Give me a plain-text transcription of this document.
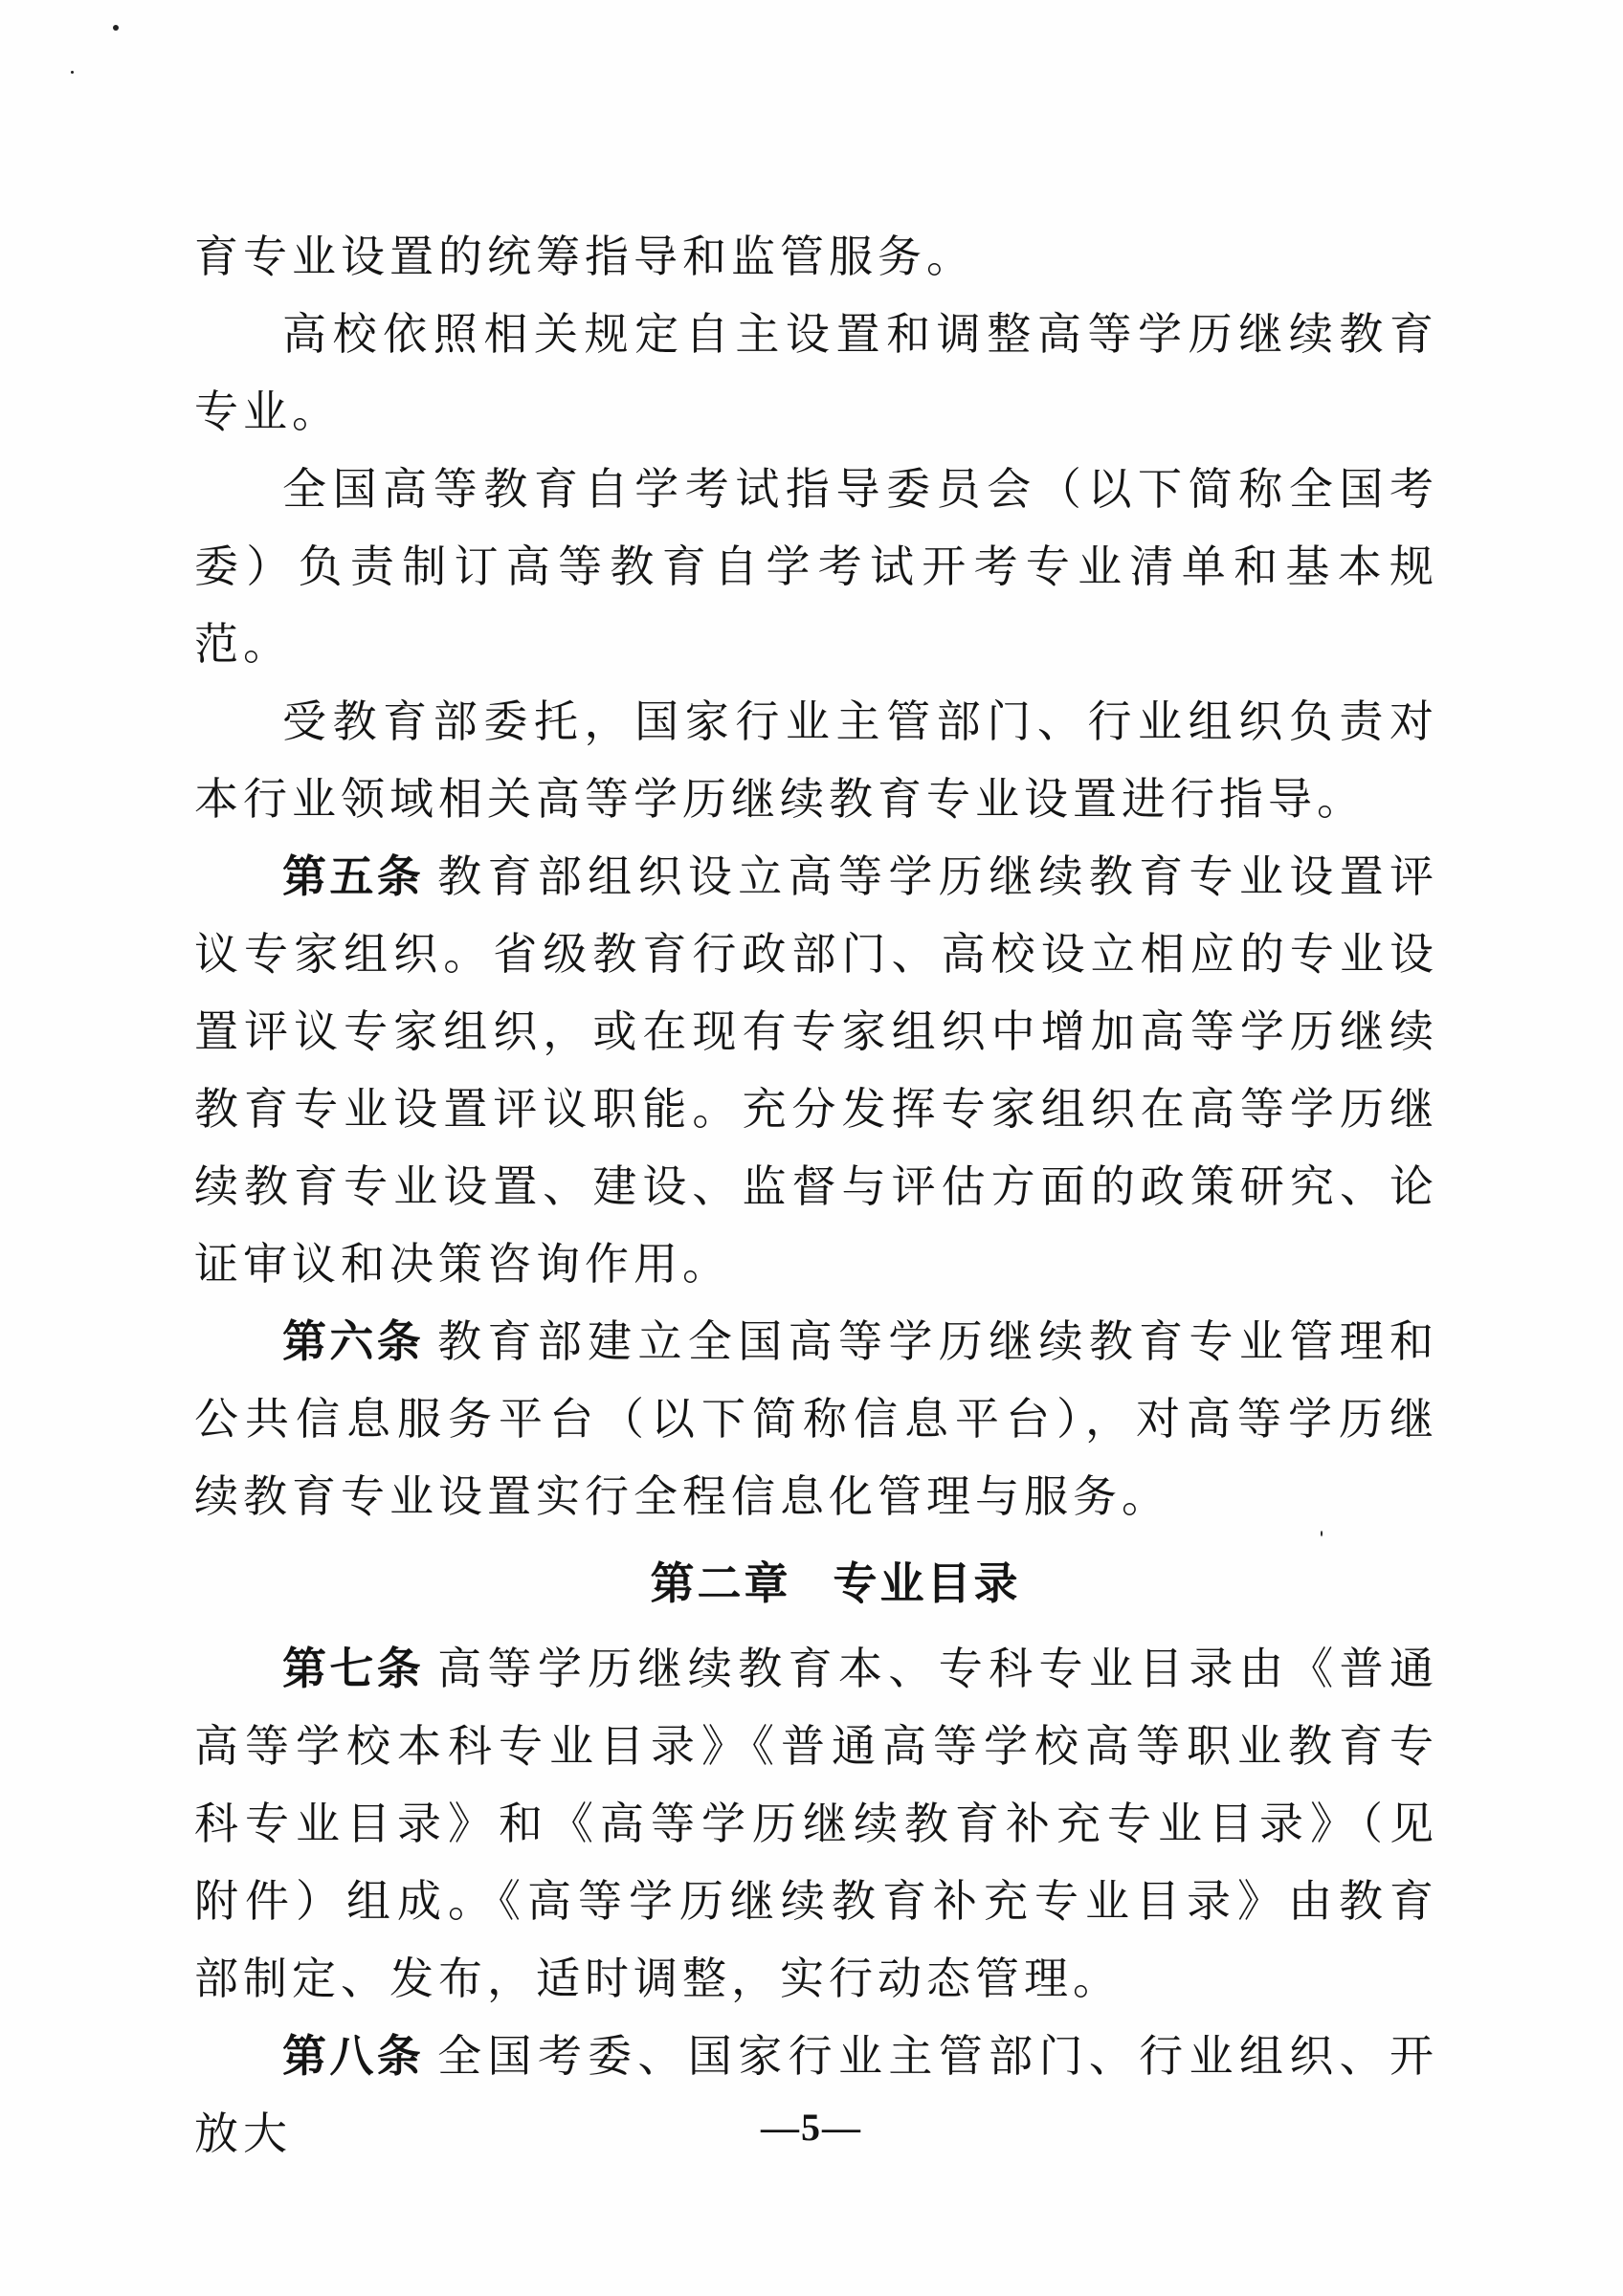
育专业设置的统筹指导和监管服务。

高校依照相关规定自主设置和调整高等学历继续教育专业。

全国高等教育自学考试指导委员会（以下简称全国考委）负责制订高等教育自学考试开考专业清单和基本规范。

受教育部委托，国家行业主管部门、行业组织负责对本行业领域相关高等学历继续教育专业设置进行指导。

第五条 教育部组织设立高等学历继续教育专业设置评议专家组织。省级教育行政部门、高校设立相应的专业设置评议专家组织，或在现有专家组织中增加高等学历继续教育专业设置评议职能。充分发挥专家组织在高等学历继续教育专业设置、建设、监督与评估方面的政策研究、论证审议和决策咨询作用。

第六条 教育部建立全国高等学历继续教育专业管理和公共信息服务平台（以下简称信息平台），对高等学历继续教育专业设置实行全程信息化管理与服务。

第二章 专业目录

第七条 高等学历继续教育本、专科专业目录由《普通高等学校本科专业目录》《普通高等学校高等职业教育专科专业目录》和《高等学历继续教育补充专业目录》（见附件）组成。《高等学历继续教育补充专业目录》由教育部制定、发布，适时调整，实行动态管理。

第八条 全国考委、国家行业主管部门、行业组织、开放大	—5—
